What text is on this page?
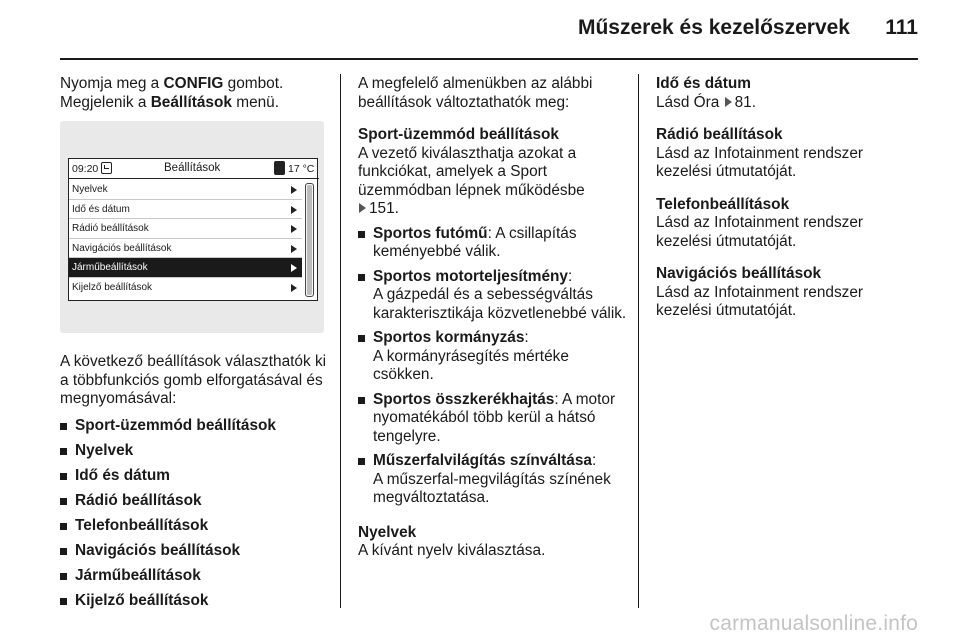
Műszerek és kezelőszervek 111
Nyomja meg a CONFIG gombot.
Megjelenik a Beállítások menü.
A következő beállítások választhatók ki a többfunkciós gomb elforgatásával és megnyomásával:
Sport-üzemmód beállítások
Nyelvek
Idő és dátum
Rádió beállítások
Telefonbeállítások
Navigációs beállítások
Járműbeállítások
Kijelző beállítások
09:20	Beállítások	17 °C
Nyelvek
Idő és dátum
Rádió beállítások
Navigációs beállítások
Járműbeállítások
Kijelző beállítások
A megfelelő almenükben az alábbi beállítások változtathatók meg:
Sport-üzemmód beállítások
A vezető kiválaszthatja azokat a funkciókat, amelyek a Sport üzemmódban lépnek működésbe
151.
Sportos futómű: A csillapítás keményebbé válik.
Sportos motorteljesítmény:
A gázpedál és a sebességváltás karakterisztikája közvetlenebbé válik.
Sportos kormányzás:
A kormányrásegítés mértéke csökken.
Sportos összkerékhajtás: A motor nyomatékából több kerül a hátsó tengelyre.
Műszerfalvilágítás színváltása:
A műszerfal-megvilágítás színének megváltoztatása.
Nyelvek
A kívánt nyelv kiválasztása.
Idő és dátum
Lásd Óra 81.
Rádió beállítások
Lásd az Infotainment rendszer kezelési útmutatóját.
Telefonbeállítások
Lásd az Infotainment rendszer kezelési útmutatóját.
Navigációs beállítások
Lásd az Infotainment rendszer kezelési útmutatóját.
carmanualsonline.info
